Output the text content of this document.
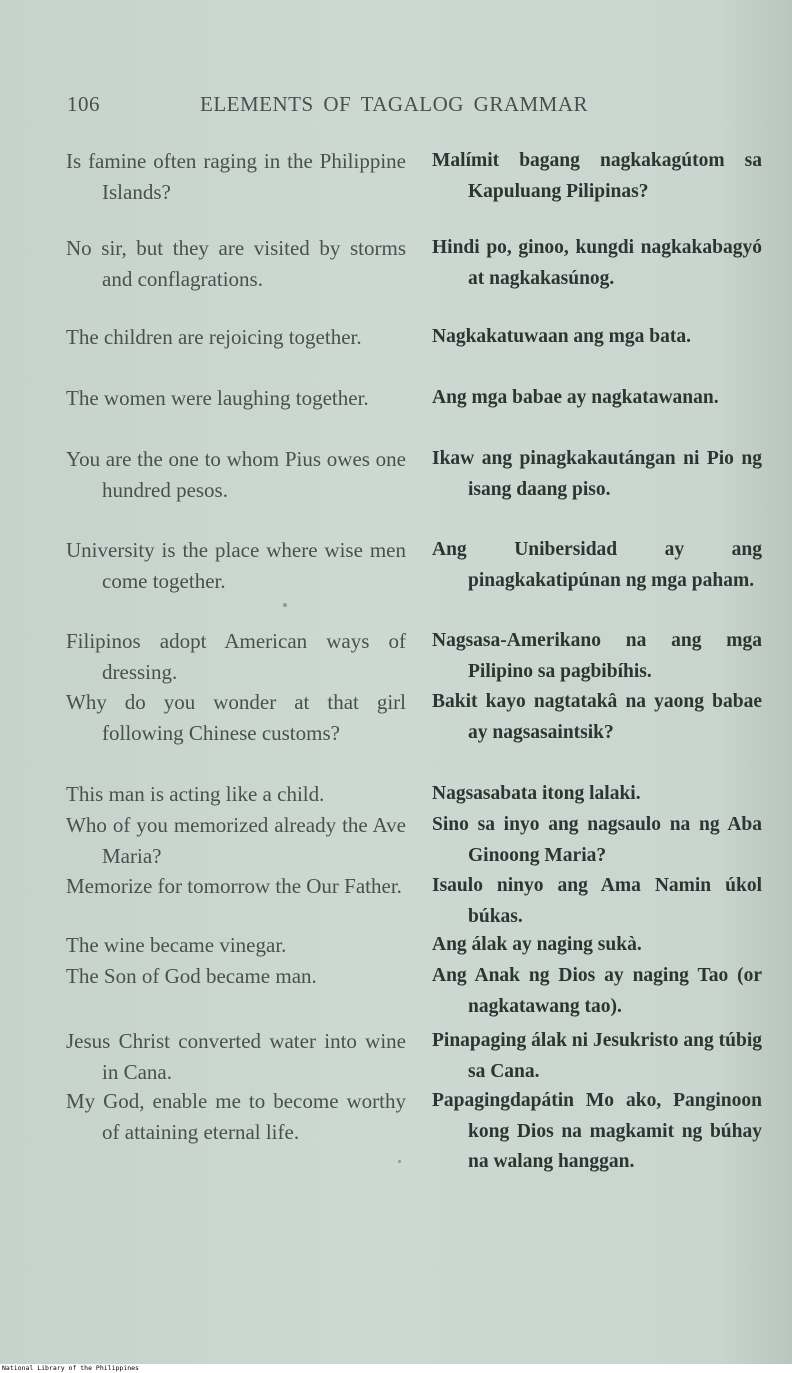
106	ELEMENTS OF TAGALOG GRAMMAR
Is famine often raging in the Philippine Islands?
No sir, but they are visited by storms and conflagrations.
The children are rejoicing together.
The women were laughing together.
You are the one to whom Pius owes one hundred pesos.
University is the place where wise men come together.
Filipinos adopt American ways of dressing.
Why do you wonder at that girl following Chinese customs?
This man is acting like a child.
Who of you memorized already the Ave Maria?
Memorize for tomorrow the Our Father.
The wine became vinegar.
The Son of God became man.
Jesus Christ converted water into wine in Cana.
My God, enable me to become worthy of attaining eternal life.
Malímit bagang nagkakagútom sa Kapuluang Pilipinas?
Hindi po, ginoo, kungdi nagkakabagyó at nagkakasúnog.
Nagkakatuwaan ang mga bata.
Ang mga babae ay nagkatawanan.
Ikaw ang pinagkakautángan ni Pio ng isang daang piso.
Ang Unibersidad ay ang pinagkakatipúnan ng mga paham.
Nagsasa-Amerikano na ang mga Pilipino sa pagbibíhis.
Bakit kayo nagtatakâ na yaong babae ay nagsasaintsik?
Nagsasabata itong lalaki.
Sino sa inyo ang nagsaulo na ng Aba Ginoong Maria?
Isaulo ninyo ang Ama Namin úkol búkas.
Ang álak ay naging sukà.
Ang Anak ng Dios ay naging Tao (or nagkatawang tao).
Pinapaging álak ni Jesukristo ang túbig sa Cana.
Papagingdapátin Mo ako, Panginoon kong Dios na magkamit ng búhay na walang hanggan.
National Library of the Philippines
